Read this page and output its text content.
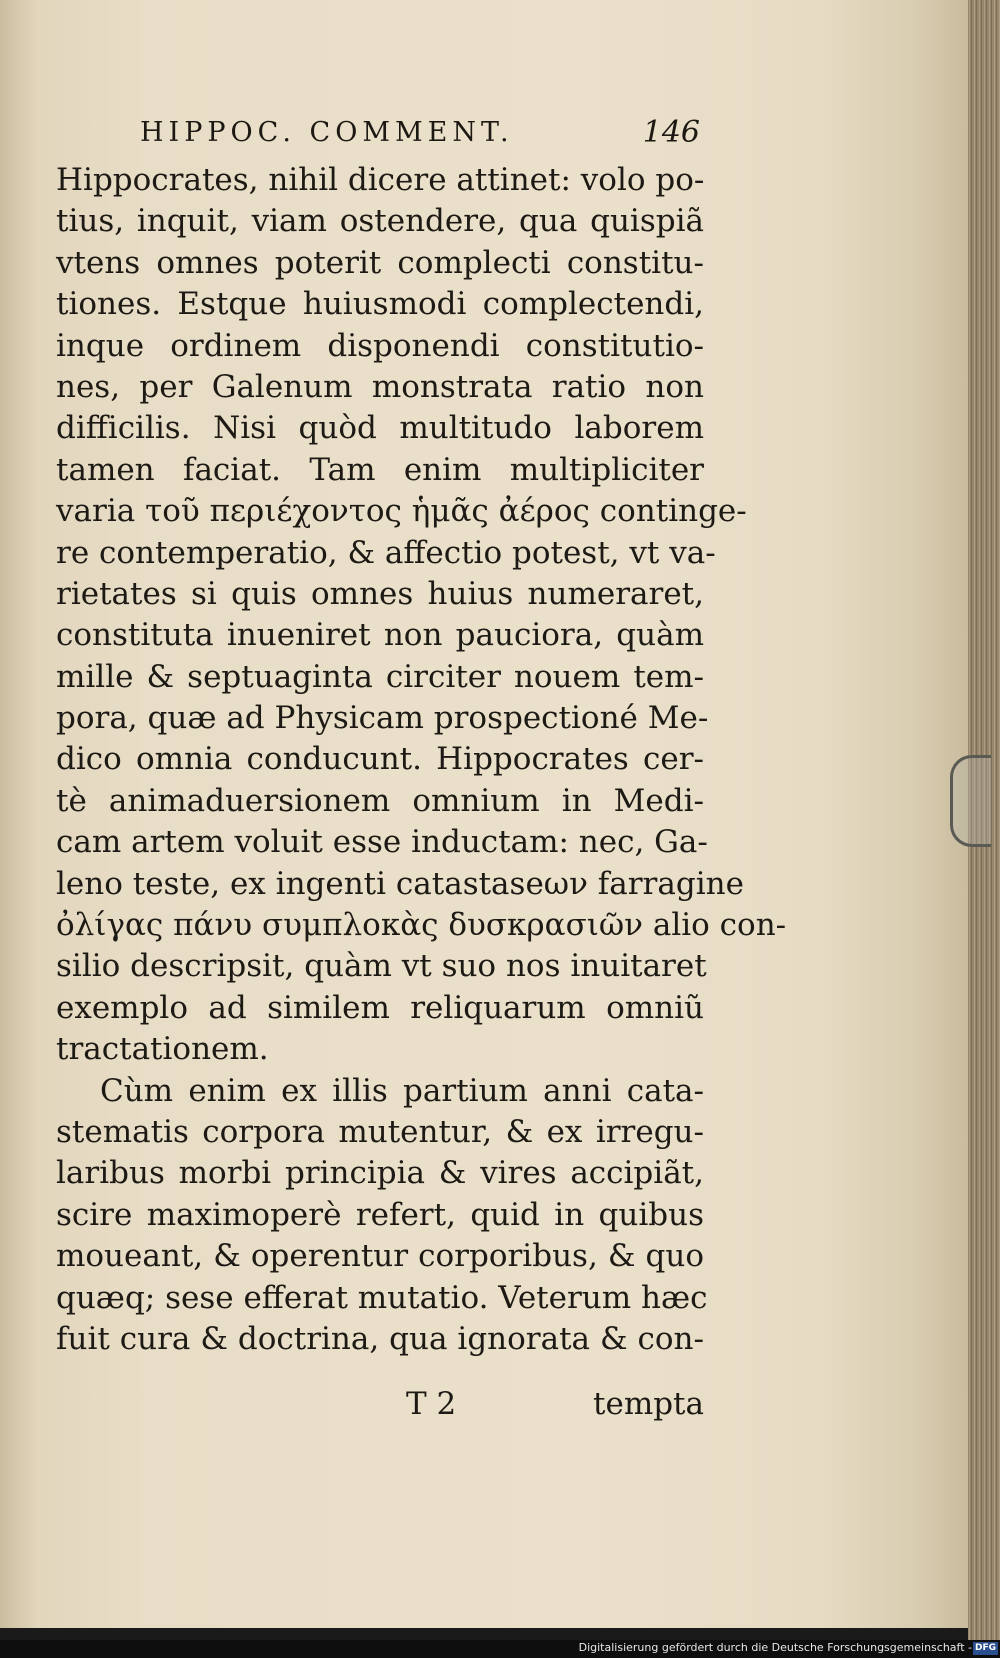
HIPPOC. COMMENT.	146
Hippocrates, nihil dicere attinet: volo po-
tius, inquit, viam ostendere, qua quispiã
vtens omnes poterit complecti constitu-
tiones. Estque huiusmodi complectendi,
inque ordinem disponendi constitutio-
nes, per Galenum monstrata ratio non
difficilis. Nisi quòd multitudo laborem
tamen faciat. Tam enim multipliciter
varia τοῦ περιέχοντος ἡμᾶς ἀέρος continge-
re contemperatio, & affectio potest, vt va-
rietates si quis omnes huius numeraret,
constituta inueniret non pauciora, quàm
mille & septuaginta circiter nouem tem-
pora, quæ ad Physicam prospectioné Me-
dico omnia conducunt. Hippocrates cer-
tè animaduersionem omnium in Medi-
cam artem voluit esse inductam: nec, Ga-
leno teste, ex ingenti catastaseων farragine
ὀλίγας πάνυ συμπλοκὰς δυσκρασιῶν alio con-
silio descripsit, quàm vt suo nos inuitaret
exemplo ad similem reliquarum omniũ
tractationem.
Cùm enim ex illis partium anni cata-
stematis corpora mutentur, & ex irregu-
laribus morbi principia & vires accipiãt,
scire maximoperè refert, quid in quibus
moueant, & operentur corporibus, & quo
quæq; sese efferat mutatio. Veterum hæc
fuit cura & doctrina, qua ignorata & con-
T 2	tempta
Digitalisierung gefördert durch die Deutsche Forschungsgemeinschaft - DFG
